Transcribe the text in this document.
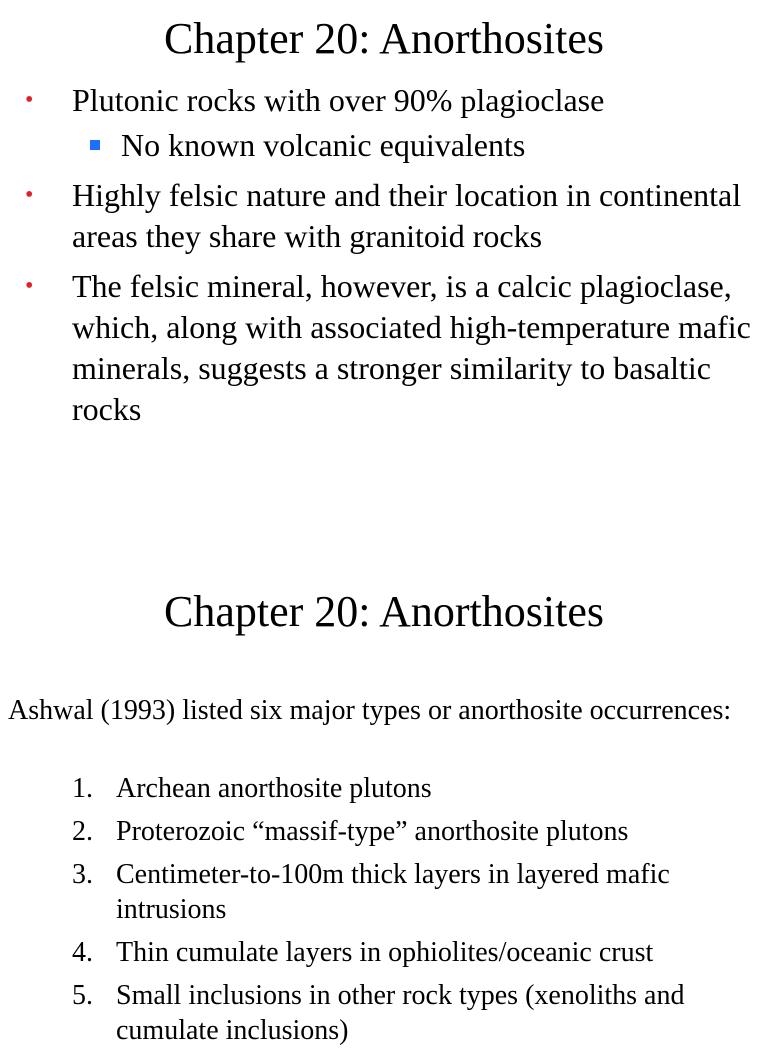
Chapter 20: Anorthosites
• Plutonic rocks with over 90% plagioclase
No known volcanic equivalents
• Highly felsic nature and their location in continental areas they share with granitoid rocks
• The felsic mineral, however, is a calcic plagioclase, which, along with associated high-temperature mafic minerals, suggests a stronger similarity to basaltic rocks
Chapter 20: Anorthosites

Ashwal (1993) listed six major types or anorthosite occurrences:

1. Archean anorthosite plutons
2. Proterozoic “massif-type” anorthosite plutons
3. Centimeter-to-100m thick layers in layered mafic intrusions
4. Thin cumulate layers in ophiolites/oceanic crust
5. Small inclusions in other rock types (xenoliths and cumulate inclusions)
